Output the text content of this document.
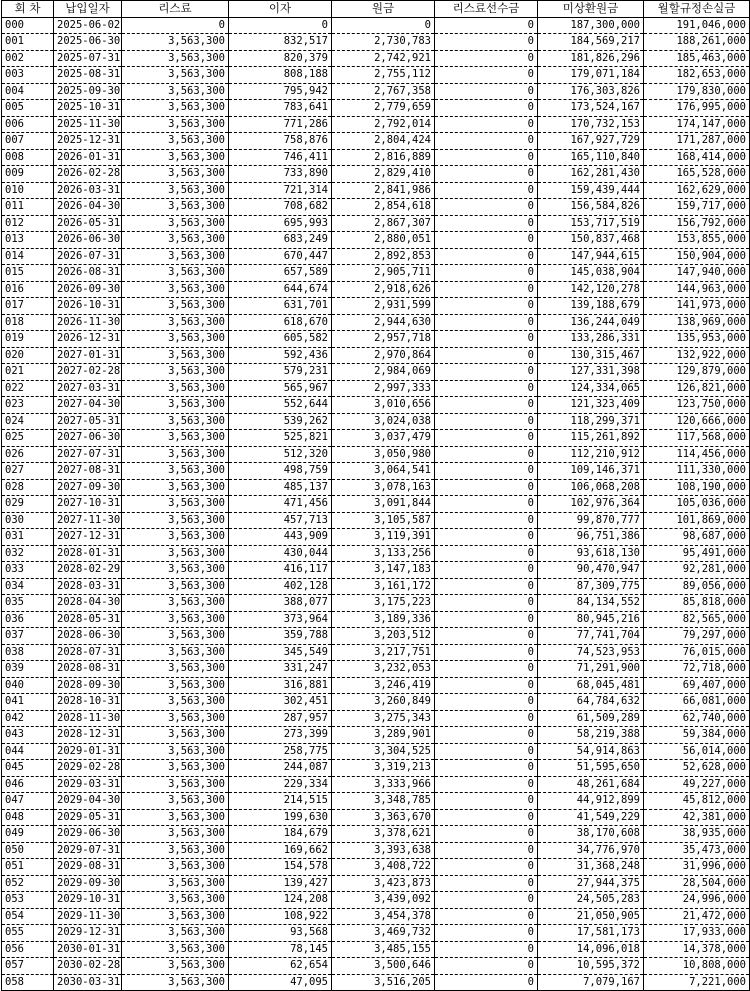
회 차	납입일자	리스료	이자	원금	리스료선수금	미상환원금	월할규정손실금
000	2025-06-02	0	0	0	0	187,300,000	191,046,000
001	2025-06-30	3,563,300	832,517	2,730,783	0	184,569,217	188,261,000
002	2025-07-31	3,563,300	820,379	2,742,921	0	181,826,296	185,463,000
003	2025-08-31	3,563,300	808,188	2,755,112	0	179,071,184	182,653,000
004	2025-09-30	3,563,300	795,942	2,767,358	0	176,303,826	179,830,000
005	2025-10-31	3,563,300	783,641	2,779,659	0	173,524,167	176,995,000
006	2025-11-30	3,563,300	771,286	2,792,014	0	170,732,153	174,147,000
007	2025-12-31	3,563,300	758,876	2,804,424	0	167,927,729	171,287,000
008	2026-01-31	3,563,300	746,411	2,816,889	0	165,110,840	168,414,000
009	2026-02-28	3,563,300	733,890	2,829,410	0	162,281,430	165,528,000
010	2026-03-31	3,563,300	721,314	2,841,986	0	159,439,444	162,629,000
011	2026-04-30	3,563,300	708,682	2,854,618	0	156,584,826	159,717,000
012	2026-05-31	3,563,300	695,993	2,867,307	0	153,717,519	156,792,000
013	2026-06-30	3,563,300	683,249	2,880,051	0	150,837,468	153,855,000
014	2026-07-31	3,563,300	670,447	2,892,853	0	147,944,615	150,904,000
015	2026-08-31	3,563,300	657,589	2,905,711	0	145,038,904	147,940,000
016	2026-09-30	3,563,300	644,674	2,918,626	0	142,120,278	144,963,000
017	2026-10-31	3,563,300	631,701	2,931,599	0	139,188,679	141,973,000
018	2026-11-30	3,563,300	618,670	2,944,630	0	136,244,049	138,969,000
019	2026-12-31	3,563,300	605,582	2,957,718	0	133,286,331	135,953,000
020	2027-01-31	3,563,300	592,436	2,970,864	0	130,315,467	132,922,000
021	2027-02-28	3,563,300	579,231	2,984,069	0	127,331,398	129,879,000
022	2027-03-31	3,563,300	565,967	2,997,333	0	124,334,065	126,821,000
023	2027-04-30	3,563,300	552,644	3,010,656	0	121,323,409	123,750,000
024	2027-05-31	3,563,300	539,262	3,024,038	0	118,299,371	120,666,000
025	2027-06-30	3,563,300	525,821	3,037,479	0	115,261,892	117,568,000
026	2027-07-31	3,563,300	512,320	3,050,980	0	112,210,912	114,456,000
027	2027-08-31	3,563,300	498,759	3,064,541	0	109,146,371	111,330,000
028	2027-09-30	3,563,300	485,137	3,078,163	0	106,068,208	108,190,000
029	2027-10-31	3,563,300	471,456	3,091,844	0	102,976,364	105,036,000
030	2027-11-30	3,563,300	457,713	3,105,587	0	99,870,777	101,869,000
031	2027-12-31	3,563,300	443,909	3,119,391	0	96,751,386	98,687,000
032	2028-01-31	3,563,300	430,044	3,133,256	0	93,618,130	95,491,000
033	2028-02-29	3,563,300	416,117	3,147,183	0	90,470,947	92,281,000
034	2028-03-31	3,563,300	402,128	3,161,172	0	87,309,775	89,056,000
035	2028-04-30	3,563,300	388,077	3,175,223	0	84,134,552	85,818,000
036	2028-05-31	3,563,300	373,964	3,189,336	0	80,945,216	82,565,000
037	2028-06-30	3,563,300	359,788	3,203,512	0	77,741,704	79,297,000
038	2028-07-31	3,563,300	345,549	3,217,751	0	74,523,953	76,015,000
039	2028-08-31	3,563,300	331,247	3,232,053	0	71,291,900	72,718,000
040	2028-09-30	3,563,300	316,881	3,246,419	0	68,045,481	69,407,000
041	2028-10-31	3,563,300	302,451	3,260,849	0	64,784,632	66,081,000
042	2028-11-30	3,563,300	287,957	3,275,343	0	61,509,289	62,740,000
043	2028-12-31	3,563,300	273,399	3,289,901	0	58,219,388	59,384,000
044	2029-01-31	3,563,300	258,775	3,304,525	0	54,914,863	56,014,000
045	2029-02-28	3,563,300	244,087	3,319,213	0	51,595,650	52,628,000
046	2029-03-31	3,563,300	229,334	3,333,966	0	48,261,684	49,227,000
047	2029-04-30	3,563,300	214,515	3,348,785	0	44,912,899	45,812,000
048	2029-05-31	3,563,300	199,630	3,363,670	0	41,549,229	42,381,000
049	2029-06-30	3,563,300	184,679	3,378,621	0	38,170,608	38,935,000
050	2029-07-31	3,563,300	169,662	3,393,638	0	34,776,970	35,473,000
051	2029-08-31	3,563,300	154,578	3,408,722	0	31,368,248	31,996,000
052	2029-09-30	3,563,300	139,427	3,423,873	0	27,944,375	28,504,000
053	2029-10-31	3,563,300	124,208	3,439,092	0	24,505,283	24,996,000
054	2029-11-30	3,563,300	108,922	3,454,378	0	21,050,905	21,472,000
055	2029-12-31	3,563,300	93,568	3,469,732	0	17,581,173	17,933,000
056	2030-01-31	3,563,300	78,145	3,485,155	0	14,096,018	14,378,000
057	2030-02-28	3,563,300	62,654	3,500,646	0	10,595,372	10,808,000
058	2030-03-31	3,563,300	47,095	3,516,205	0	7,079,167	7,221,000
